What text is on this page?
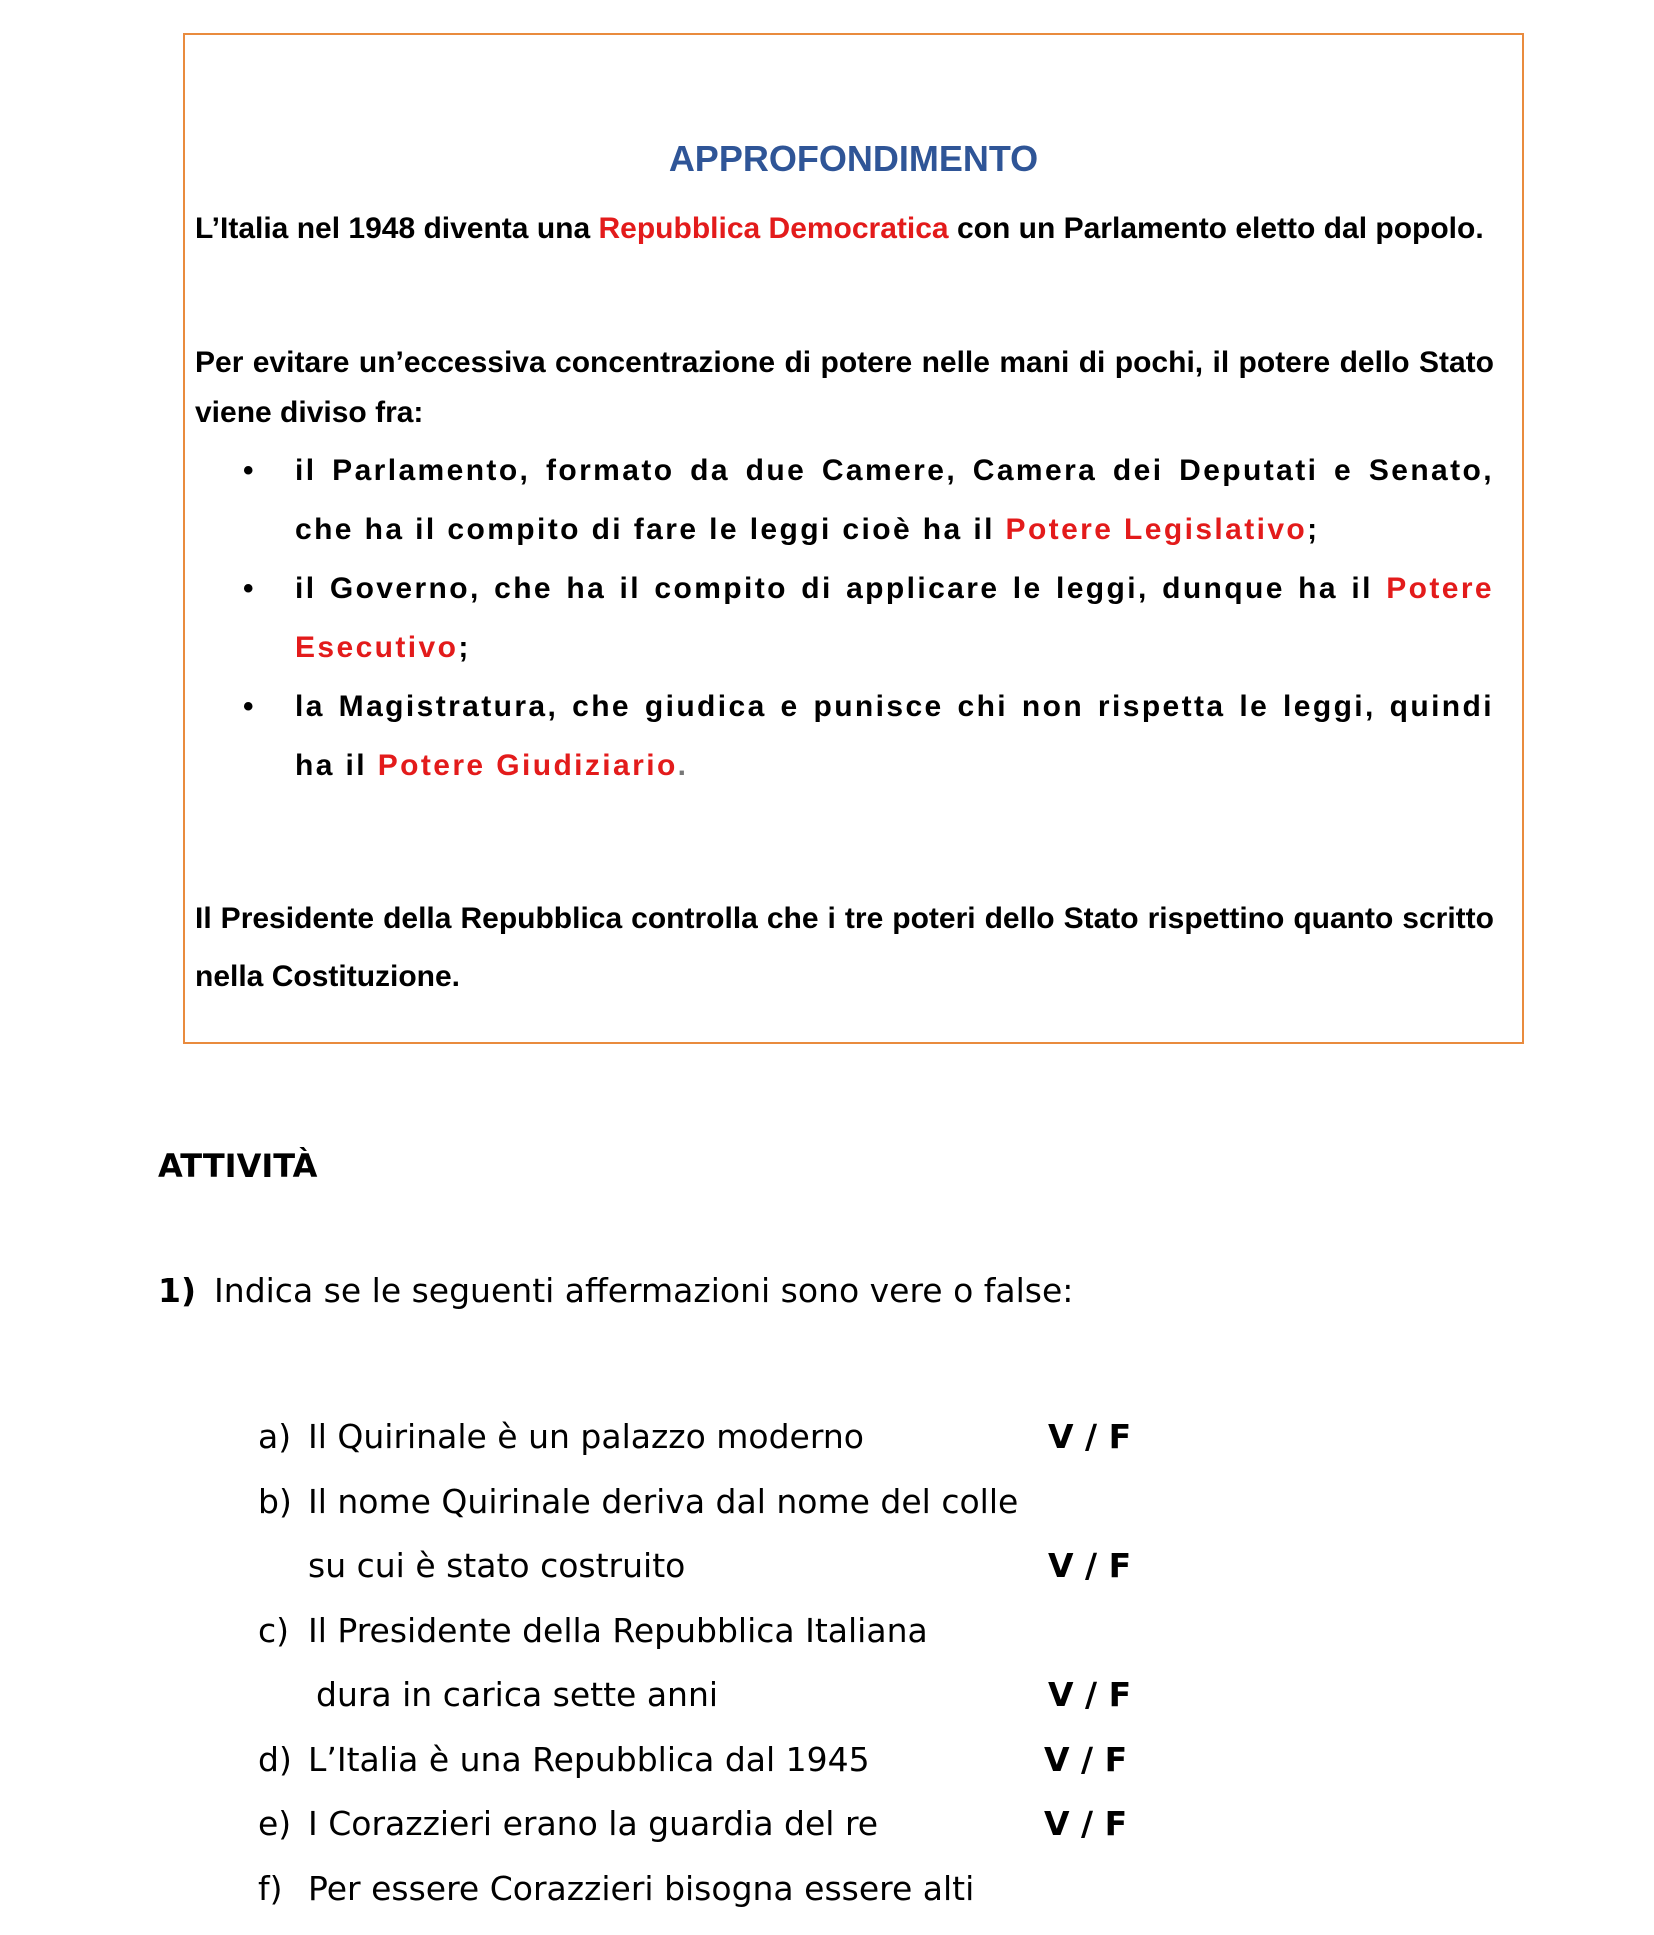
APPROFONDIMENTO
L’Italia nel 1948 diventa una Repubblica Democratica con un Parlamento eletto dal popolo.
Per evitare un’eccessiva concentrazione di potere nelle mani di pochi, il potere dello Stato viene diviso fra:
• il Parlamento, formato da due Camere, Camera dei Deputati e Senato, che ha il compito di fare le leggi cioè ha il Potere Legislativo;
• il Governo, che ha il compito di applicare le leggi, dunque ha il Potere Esecutivo;
• la Magistratura, che giudica e punisce chi non rispetta le leggi, quindi ha il Potere Giudiziario.
Il Presidente della Repubblica controlla che i tre poteri dello Stato rispettino quanto scritto nella Costituzione.
ATTIVITÀ
1) Indica se le seguenti affermazioni sono vere o false:
a) Il Quirinale è un palazzo moderno	V / F
b) Il nome Quirinale deriva dal nome del colle
su cui è stato costruito	V / F
c) Il Presidente della Repubblica Italiana
dura in carica sette anni	V / F
d) L’Italia è una Repubblica dal 1945	V / F
e) I Corazzieri erano la guardia del re	V / F
f) Per essere Corazzieri bisogna essere alti
